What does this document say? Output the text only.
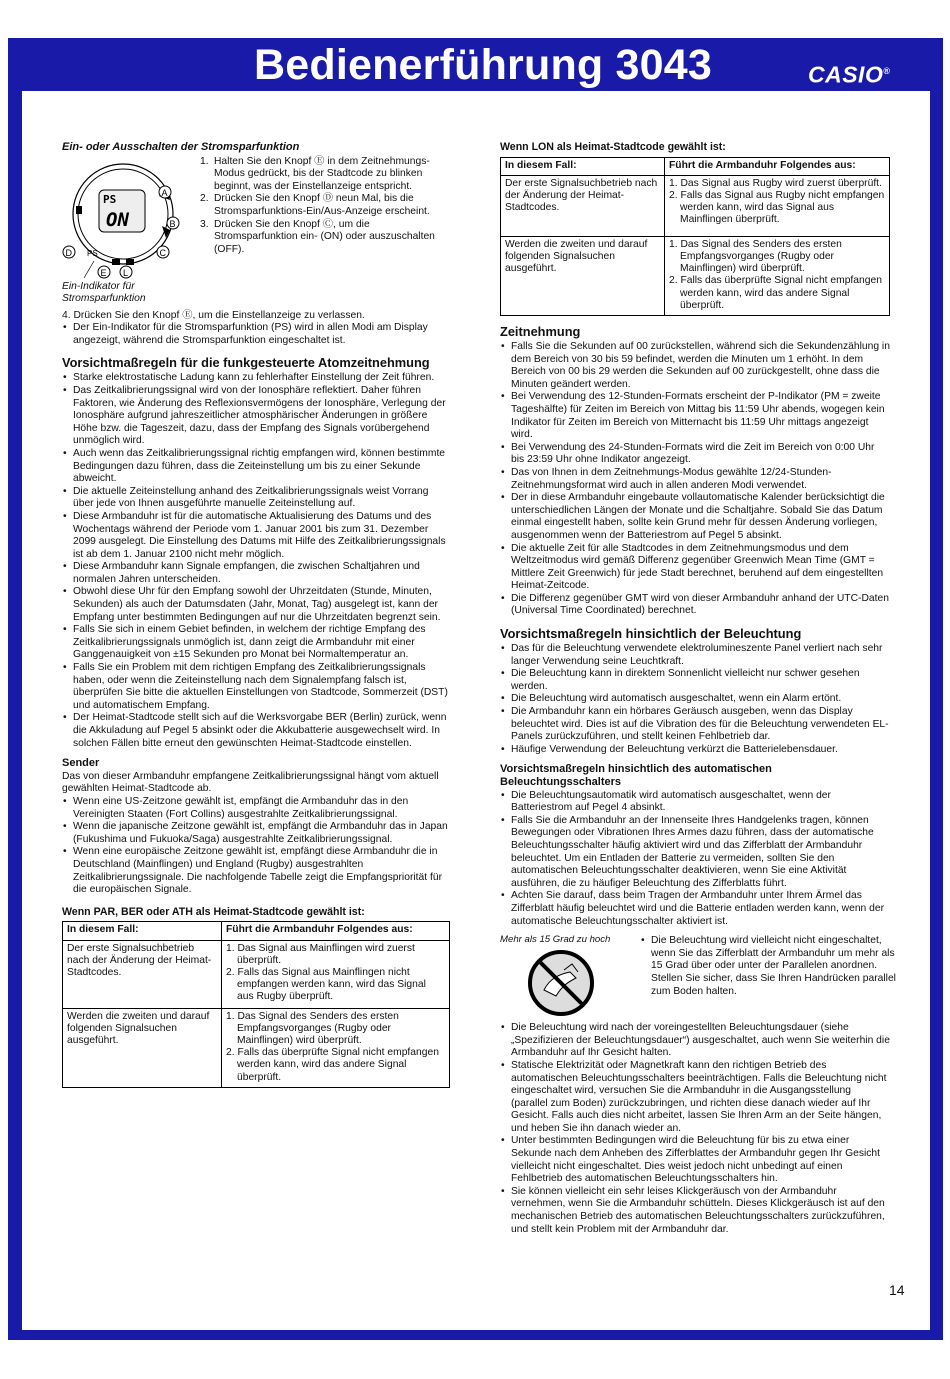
Bedienerführung 3043	CASIO®
Ein- oder Ausschalten der Stromsparfunktion
PS
ON
A
B
C
D
E L
PS
1. Halten Sie den Knopf Ⓔ in dem Zeitnehmungs-Modus gedrückt, bis der Stadtcode zu blinken beginnt, was der Einstellanzeige entspricht.
2. Drücken Sie den Knopf Ⓓ neun Mal, bis die Stromsparfunktions-Ein/Aus-Anzeige erscheint.
3. Drücken Sie den Knopf Ⓒ, um die Stromsparfunktion ein- (ON) oder auszuschalten (OFF).
Ein-Indikator für Stromsparfunktion

4. Drücken Sie den Knopf Ⓔ, um die Einstellanzeige zu verlassen.

• Der Ein-Indikator für die Stromsparfunktion (PS) wird in allen Modi am Display angezeigt, während die Stromsparfunktion eingeschaltet ist.
Vorsichtmaßregeln für die funkgesteuerte Atomzeitnehmung
• Starke elektrostatische Ladung kann zu fehlerhafter Einstellung der Zeit führen.
• Das Zeitkalibrierungssignal wird von der Ionosphäre reflektiert. Daher führen Faktoren, wie Änderung des Reflexionsvermögens der Ionosphäre, Verlegung der Ionosphäre aufgrund jahreszeitlicher atmosphärischer Änderungen in größere Höhe bzw. die Tageszeit, dazu, dass der Empfang des Signals vorübergehend unmöglich wird.
• Auch wenn das Zeitkalibrierungssignal richtig empfangen wird, können bestimmte Bedingungen dazu führen, dass die Zeiteinstellung um bis zu einer Sekunde abweicht.
• Die aktuelle Zeiteinstellung anhand des Zeitkalibrierungssignals weist Vorrang über jede von Ihnen ausgeführte manuelle Zeiteinstellung auf.
• Diese Armbanduhr ist für die automatische Aktualisierung des Datums und des Wochentags während der Periode vom 1. Januar 2001 bis zum 31. Dezember 2099 ausgelegt. Die Einstellung des Datums mit Hilfe des Zeitkalibrierungssignals ist ab dem 1. Januar 2100 nicht mehr möglich.
• Diese Armbanduhr kann Signale empfangen, die zwischen Schaltjahren und normalen Jahren unterscheiden.
• Obwohl diese Uhr für den Empfang sowohl der Uhrzeitdaten (Stunde, Minuten, Sekunden) als auch der Datumsdaten (Jahr, Monat, Tag) ausgelegt ist, kann der Empfang unter bestimmten Bedingungen auf nur die Uhrzeitdaten begrenzt sein.
• Falls Sie sich in einem Gebiet befinden, in welchem der richtige Empfang des Zeitkalibrierungssignals unmöglich ist, dann zeigt die Armbanduhr mit einer Ganggenauigkeit von ±15 Sekunden pro Monat bei Normaltemperatur an.
• Falls Sie ein Problem mit dem richtigen Empfang des Zeitkalibrierungssignals haben, oder wenn die Zeiteinstellung nach dem Signalempfang falsch ist, überprüfen Sie bitte die aktuellen Einstellungen von Stadtcode, Sommerzeit (DST) und automatischem Empfang.
• Der Heimat-Stadtcode stellt sich auf die Werksvorgabe BER (Berlin) zurück, wenn die Akkuladung auf Pegel 5 absinkt oder die Akkubatterie ausgewechselt wird. In solchen Fällen bitte erneut den gewünschten Heimat-Stadtcode einstellen.
Sender

Das von dieser Armbanduhr empfangene Zeitkalibrierungssignal hängt vom aktuell gewählten Heimat-Stadtcode ab.

• Wenn eine US-Zeitzone gewählt ist, empfängt die Armbanduhr das in den Vereinigten Staaten (Fort Collins) ausgestrahlte Zeitkalibrierungssignal.
• Wenn die japanische Zeitzone gewählt ist, empfängt die Armbanduhr das in Japan (Fukushima und Fukuoka/Saga) ausgestrahlte Zeitkalibrierungssignal.
• Wenn eine europäische Zeitzone gewählt ist, empfängt diese Armbanduhr die in Deutschland (Mainflingen) und England (Rugby) ausgestrahlten Zeitkalibrierungssignale. Die nachfolgende Tabelle zeigt die Empfangspriorität für die europäischen Signale.
Wenn PAR, BER oder ATH als Heimat-Stadtcode gewählt ist:
In diesem Fall:	Führt die Armbanduhr Folgendes aus:
Der erste Signalsuchbetrieb nach der Änderung der Heimat-Stadtcodes.	1. Das Signal aus Mainflingen wird zuerst überprüft.
2. Falls das Signal aus Mainflingen nicht empfangen werden kann, wird das Signal aus Rugby überprüft.

Werden die zweiten und darauf folgenden Signalsuchen ausgeführt.	1. Das Signal des Senders des ersten Empfangsvorganges (Rugby oder Mainflingen) wird überprüft.
2. Falls das überprüfte Signal nicht empfangen werden kann, wird das andere Signal überprüft.
Wenn LON als Heimat-Stadtcode gewählt ist:
In diesem Fall:	Führt die Armbanduhr Folgendes aus:
Der erste Signalsuchbetrieb nach der Änderung der Heimat-Stadtcodes.	1. Das Signal aus Rugby wird zuerst überprüft.
2. Falls das Signal aus Rugby nicht empfangen werden kann, wird das Signal aus Mainflingen überprüft.

Werden die zweiten und darauf folgenden Signalsuchen ausgeführt.	1. Das Signal des Senders des ersten Empfangsvorganges (Rugby oder Mainflingen) wird überprüft.
2. Falls das überprüfte Signal nicht empfangen werden kann, wird das andere Signal überprüft.
Zeitnehmung
• Falls Sie die Sekunden auf 00 zurückstellen, während sich die Sekundenzählung in dem Bereich von 30 bis 59 befindet, werden die Minuten um 1 erhöht. In dem Bereich von 00 bis 29 werden die Sekunden auf 00 zurückgestellt, ohne dass die Minuten geändert werden.
• Bei Verwendung des 12-Stunden-Formats erscheint der P-Indikator (PM = zweite Tageshälfte) für Zeiten im Bereich von Mittag bis 11:59 Uhr abends, wogegen kein Indikator für Zeiten im Bereich von Mitternacht bis 11:59 Uhr mittags angezeigt wird.
• Bei Verwendung des 24-Stunden-Formats wird die Zeit im Bereich von 0:00 Uhr bis 23:59 Uhr ohne Indikator angezeigt.
• Das von Ihnen in dem Zeitnehmungs-Modus gewählte 12/24-Stunden-Zeitnehmungsformat wird auch in allen anderen Modi verwendet.
• Der in diese Armbanduhr eingebaute vollautomatische Kalender berücksichtigt die unterschiedlichen Längen der Monate und die Schaltjahre. Sobald Sie das Datum einmal eingestellt haben, sollte kein Grund mehr für dessen Änderung vorliegen, ausgenommen wenn der Batteriestrom auf Pegel 5 absinkt.
• Die aktuelle Zeit für alle Stadtcodes in dem Zeitnehmungsmodus und dem Weltzeitmodus wird gemäß Differenz gegenüber Greenwich Mean Time (GMT = Mittlere Zeit Greenwich) für jede Stadt berechnet, beruhend auf dem eingestellten Heimat-Zeitcode.
• Die Differenz gegenüber GMT wird von dieser Armbanduhr anhand der UTC-Daten (Universal Time Coordinated) berechnet.
Vorsichtsmaßregeln hinsichtlich der Beleuchtung
• Das für die Beleuchtung verwendete elektrolumineszente Panel verliert nach sehr langer Verwendung seine Leuchtkraft.
• Die Beleuchtung kann in direktem Sonnenlicht vielleicht nur schwer gesehen werden.
• Die Beleuchtung wird automatisch ausgeschaltet, wenn ein Alarm ertönt.
• Die Armbanduhr kann ein hörbares Geräusch ausgeben, wenn das Display beleuchtet wird. Dies ist auf die Vibration des für die Beleuchtung verwendeten EL-Panels zurückzuführen, und stellt keinen Fehlbetrieb dar.
• Häufige Verwendung der Beleuchtung verkürzt die Batterielebensdauer.
Vorsichtsmaßregeln hinsichtlich des automatischen Beleuchtungsschalters
• Die Beleuchtungsautomatik wird automatisch ausgeschaltet, wenn der Batteriestrom auf Pegel 4 absinkt.
• Falls Sie die Armbanduhr an der Innenseite Ihres Handgelenks tragen, können Bewegungen oder Vibrationen Ihres Armes dazu führen, dass der automatische Beleuchtungsschalter häufig aktiviert wird und das Zifferblatt der Armbanduhr beleuchtet. Um ein Entladen der Batterie zu vermeiden, sollten Sie den automatischen Beleuchtungsschalter deaktivieren, wenn Sie eine Aktivität ausführen, die zu häufiger Beleuchtung des Zifferblatts führt.
• Achten Sie darauf, dass beim Tragen der Armbanduhr unter Ihrem Ärmel das Zifferblatt häufig beleuchtet wird und die Batterie entladen werden kann, wenn der automatische Beleuchtungsschalter aktiviert ist.
Mehr als 15 Grad zu hoch	• Die Beleuchtung wird vielleicht nicht eingeschaltet, wenn Sie das Zifferblatt der Armbanduhr um mehr als 15 Grad über oder unter der Parallelen anordnen. Stellen Sie sicher, dass Sie Ihren Handrücken parallel zum Boden halten.
• Die Beleuchtung wird nach der voreingestellten Beleuchtungsdauer (siehe „Spezifizieren der Beleuchtungsdauer“) ausgeschaltet, auch wenn Sie weiterhin die Armbanduhr auf Ihr Gesicht halten.
• Statische Elektrizität oder Magnetkraft kann den richtigen Betrieb des automatischen Beleuchtungsschalters beeinträchtigen. Falls die Beleuchtung nicht eingeschaltet wird, versuchen Sie die Armbanduhr in die Ausgangsstellung (parallel zum Boden) zurückzubringen, und richten diese danach wieder auf Ihr Gesicht. Falls auch dies nicht arbeitet, lassen Sie Ihren Arm an der Seite hängen, und heben Sie ihn danach wieder an.
• Unter bestimmten Bedingungen wird die Beleuchtung für bis zu etwa einer Sekunde nach dem Anheben des Zifferblattes der Armbanduhr gegen Ihr Gesicht vielleicht nicht eingeschaltet. Dies weist jedoch nicht unbedingt auf einen Fehlbetrieb des automatischen Beleuchtungsschalters hin.
• Sie können vielleicht ein sehr leises Klickgeräusch von der Armbanduhr vernehmen, wenn Sie die Armbanduhr schütteln. Dieses Klickgeräusch ist auf den mechanischen Betrieb des automatischen Beleuchtungsschalters zurückzuführen, und stellt kein Problem mit der Armbanduhr dar.
14
